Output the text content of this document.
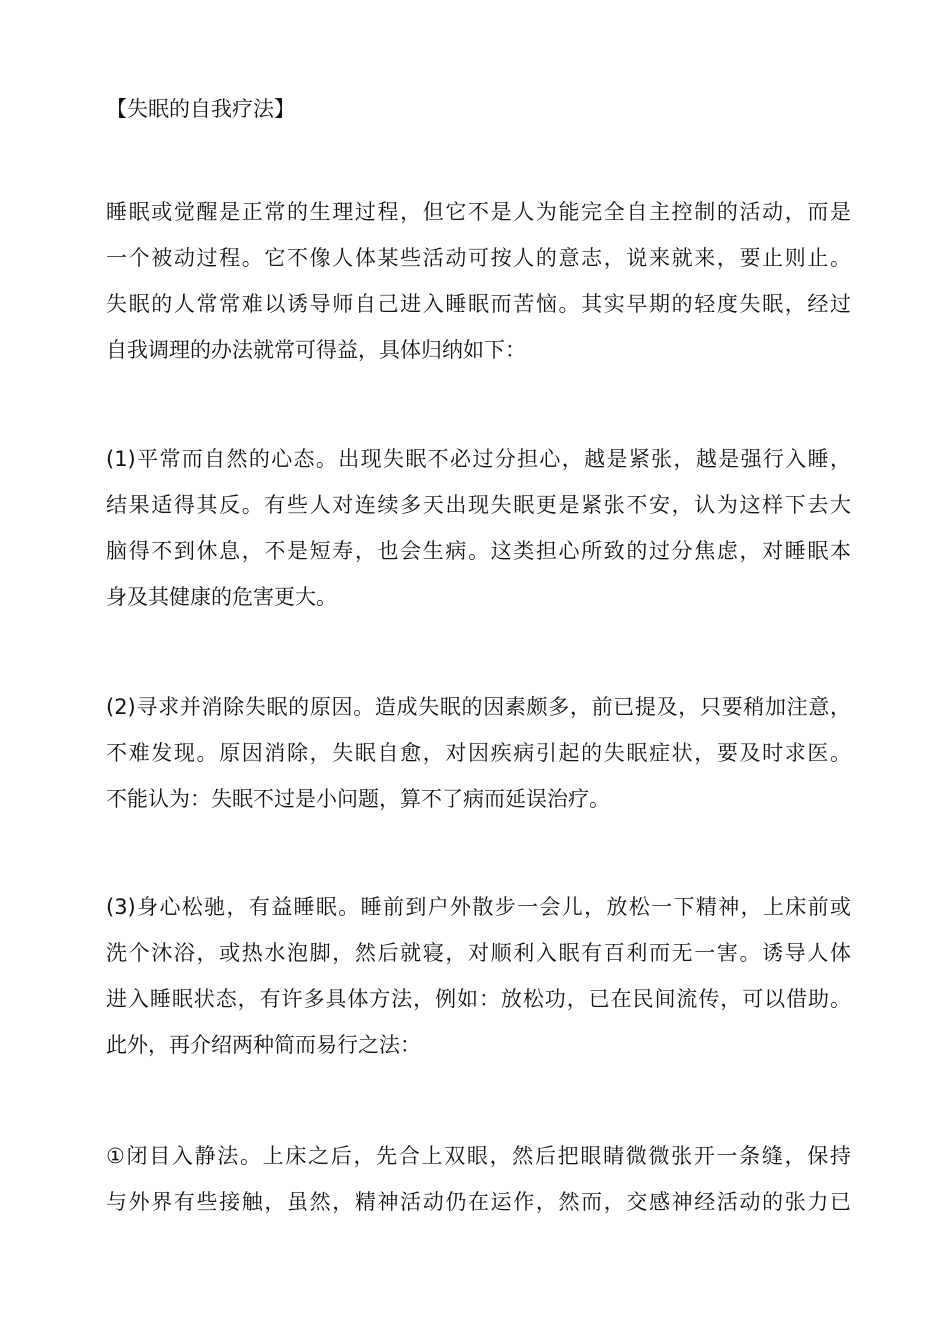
【失眠的自我疗法】
睡眠或觉醒是正常的生理过程，但它不是人为能完全自主控制的活动，而是
一个被动过程。它不像人体某些活动可按人的意志，说来就来，要止则止。
失眠的人常常难以诱导师自己进入睡眠而苦恼。其实早期的轻度失眠，经过
自我调理的办法就常可得益，具体归纳如下：
(1)平常而自然的心态。出现失眠不必过分担心，越是紧张，越是强行入睡，
结果适得其反。有些人对连续多天出现失眠更是紧张不安，认为这样下去大
脑得不到休息，不是短寿，也会生病。这类担心所致的过分焦虑，对睡眠本
身及其健康的危害更大。
(2)寻求并消除失眠的原因。造成失眠的因素颇多，前已提及，只要稍加注意，
不难发现。原因消除，失眠自愈，对因疾病引起的失眠症状，要及时求医。
不能认为：失眠不过是小问题，算不了病而延误治疗。
(3)身心松驰，有益睡眠。睡前到户外散步一会儿，放松一下精神，上床前或
洗个沐浴，或热水泡脚，然后就寝，对顺利入眠有百利而无一害。诱导人体
进入睡眠状态，有许多具体方法，例如：放松功，已在民间流传，可以借助。
此外，再介绍两种简而易行之法：
①闭目入静法。上床之后，先合上双眼，然后把眼睛微微张开一条缝，保持
与外界有些接触，虽然，精神活动仍在运作，然而，交感神经活动的张力已
